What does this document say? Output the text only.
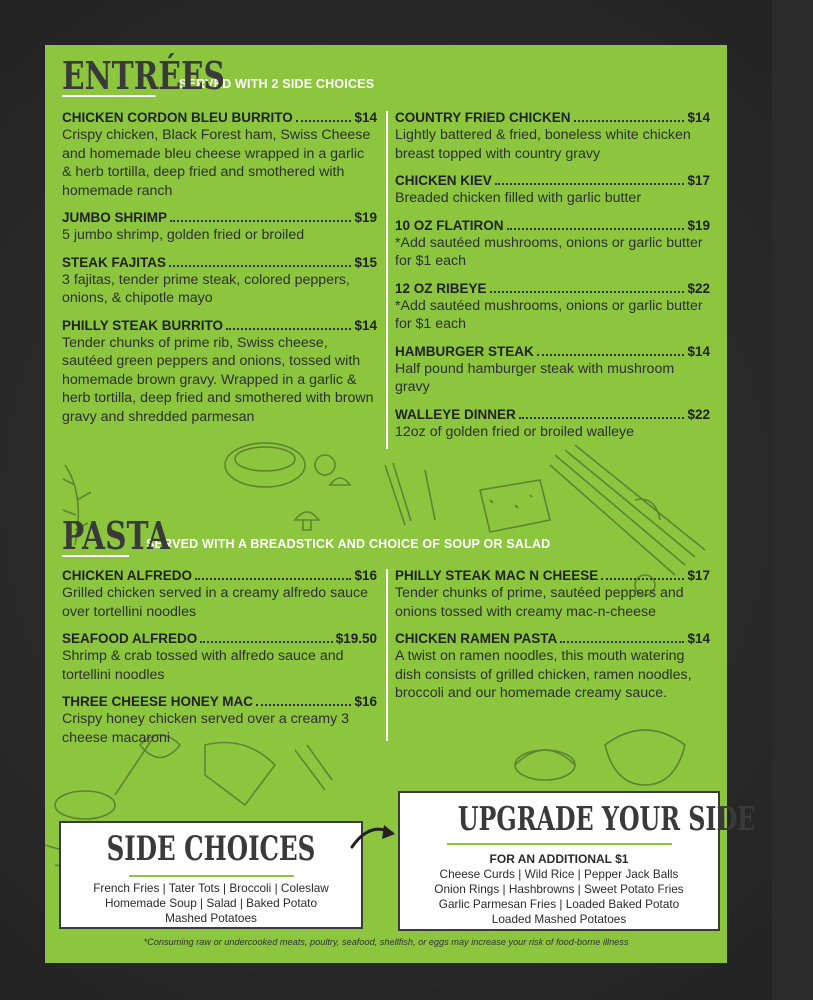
ENTRÉES
SERVED WITH 2 SIDE CHOICES
CHICKEN CORDON BLEU BURRITO	$14
Crispy chicken, Black Forest ham, Swiss Cheese and homemade bleu cheese wrapped in a garlic & herb tortilla, deep fried and smothered with homemade ranch
JUMBO SHRIMP	$19
5 jumbo shrimp, golden fried or broiled
STEAK FAJITAS	$15
3 fajitas, tender prime steak, colored peppers, onions, & chipotle mayo
PHILLY STEAK BURRITO	$14
Tender chunks of prime rib, Swiss cheese, sautéed green peppers and onions, tossed with homemade brown gravy. Wrapped in a garlic & herb tortilla, deep fried and smothered with brown gravy and shredded parmesan
COUNTRY FRIED CHICKEN	$14
Lightly battered & fried, boneless white chicken breast topped with country gravy
CHICKEN KIEV	$17
Breaded chicken filled with garlic butter
10 OZ FLATIRON	$19
*Add sautéed mushrooms, onions or garlic butter for $1 each
12 OZ RIBEYE	$22
*Add sautéed mushrooms, onions or garlic butter for $1 each
HAMBURGER STEAK	$14
Half pound hamburger steak with mushroom gravy
WALLEYE DINNER	$22
12oz of golden fried or broiled walleye
PASTA
SERVED WITH A BREADSTICK AND CHOICE OF SOUP OR SALAD
CHICKEN ALFREDO	$16
Grilled chicken served in a creamy alfredo sauce over tortellini noodles
SEAFOOD ALFREDO	$19.50
Shrimp & crab tossed with alfredo sauce and tortellini noodles
THREE CHEESE HONEY MAC	$16
Crispy honey chicken served over a creamy 3 cheese macaroni
PHILLY STEAK MAC N CHEESE	$17
Tender chunks of prime, sautéed peppers and onions tossed with creamy mac-n-cheese
CHICKEN RAMEN PASTA	$14
A twist on ramen noodles, this mouth watering dish consists of grilled chicken, ramen noodles, broccoli and our homemade creamy sauce.
SIDE CHOICES
French Fries | Tater Tots | Broccoli | Coleslaw
Homemade Soup | Salad | Baked Potato
Mashed Potatoes
UPGRADE YOUR SIDE
FOR AN ADDITIONAL $1
Cheese Curds | Wild Rice | Pepper Jack Balls
Onion Rings | Hashbrowns | Sweet Potato Fries
Garlic Parmesan Fries | Loaded Baked Potato
Loaded Mashed Potatoes
*Consuming raw or undercooked meats, poultry, seafood, shellfish, or eggs may increase your risk of food-borne illness
